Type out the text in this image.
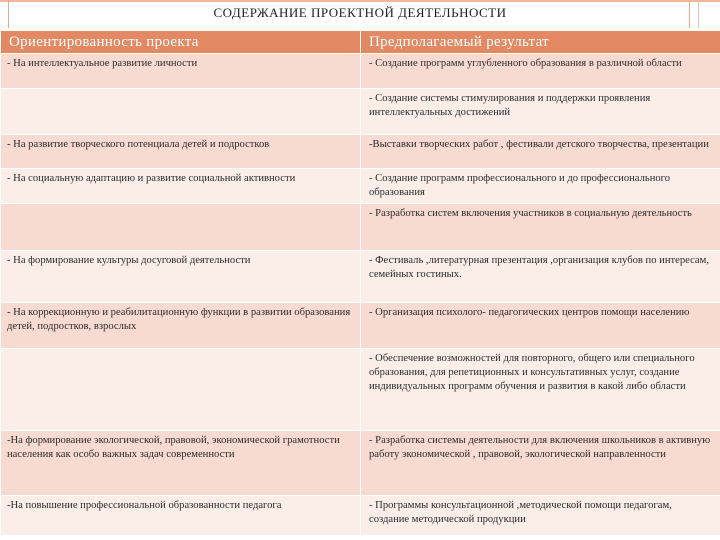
СОДЕРЖАНИЕ ПРОЕКТНОЙ ДЕЯТЕЛЬНОСТИ
Ориентированность проекта	Предполагаемый результат
- На интеллектуальное развитие личности	- Создание программ углубленного образования в различной области
	- Создание системы стимулирования и поддержки проявления интеллектуальных достижений
- На развитие творческого потенциала детей и подростков	-Выставки творческих работ , фестивали детского творчества, презентации
- На социальную адаптацию и развитие социальной активности	- Создание программ профессионального и до профессионального образования
	- Разработка систем включения участников в социальную деятельность
- На формирование культуры досуговой деятельности	- Фестиваль ,литературная презентация ,организация клубов по интересам, семейных гостиных.
- На коррекционную и реабилитационную функции в развитии образования детей, подростков, взрослых	- Организация психолого- педагогических центров помощи населению
	- Обеспечение возможностей для повторного, общего или специального образования, для репетиционных и консультативных услуг, создание индивидуальных программ обучения и развития в какой либо области
-На формирование экологической, правовой, экономической грамотности населения как особо важных задач современности	- Разработка системы деятельности для включения школьников в активную работу экономической , правовой, экологической направленности
-На повышение профессиональной образованности педагога	- Программы консультационной ,методической помощи педагогам, создание методической продукции
